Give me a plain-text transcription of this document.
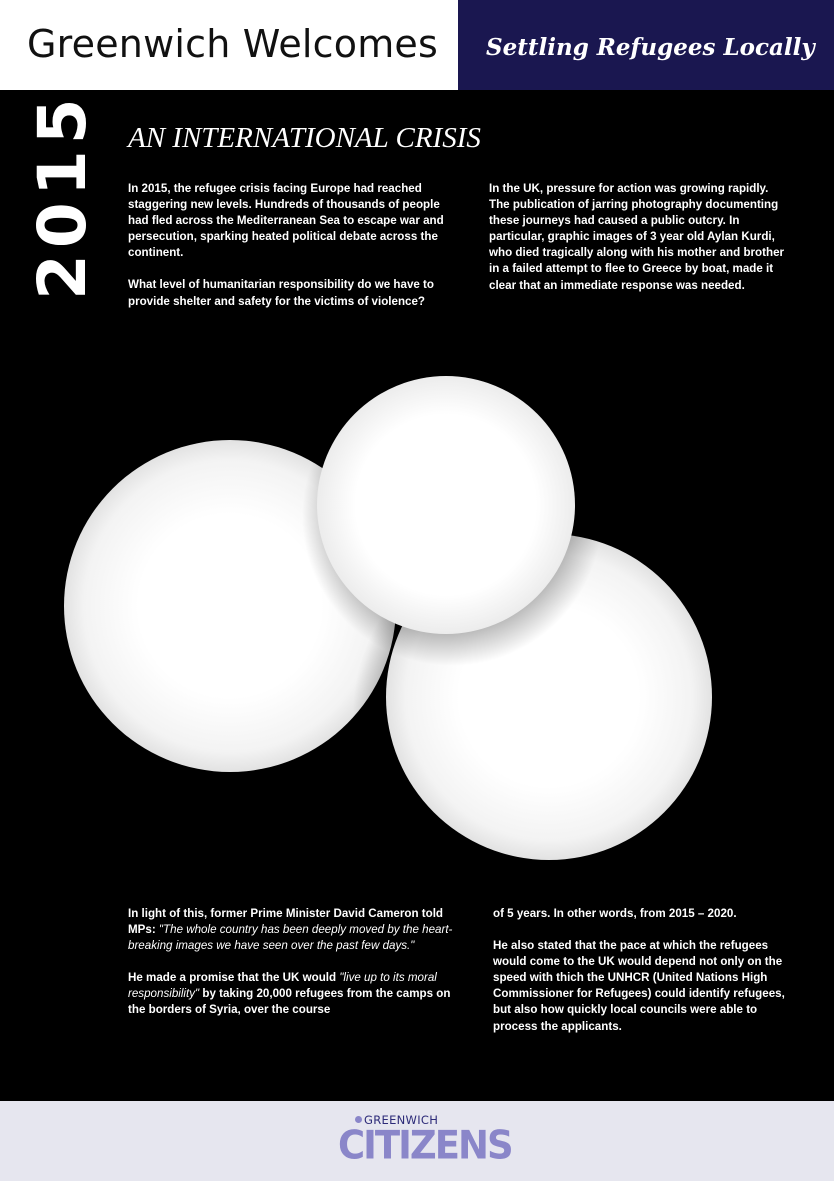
Greenwich Welcomes Settling Refugees Locally
2015 AN INTERNATIONAL CRISIS

In 2015, the refugee crisis facing Europe had reached staggering new levels. Hundreds of thousands of people had fled across the Mediterranean Sea to escape war and persecution, sparking heated political debate across the continent.

What level of humanitarian responsibility do we have to provide shelter and safety for the victims of violence?

In the UK, pressure for action was growing rapidly. The publication of jarring photography documenting these journeys had caused a public outcry. In particular, graphic images of 3 year old Aylan Kurdi, who died tragically along with his mother and brother in a failed attempt to flee to Greece by boat, made it clear that an immediate response was needed.

In light of this, former Prime Minister David Cameron told MPs: "The whole country has been deeply moved by the heart-breaking images we have seen over the past few days."

He made a promise that the UK would "live up to its moral responsibility" by taking 20,000 refugees from the camps on the borders of Syria, over the course

of 5 years. In other words, from 2015 – 2020.

He also stated that the pace at which the refugees would come to the UK would depend not only on the speed with thich the UNHCR (United Nations High Commissioner for Refugees) could identify refugees, but also how quickly local councils were able to process the applicants.

GREENWICH
CITIZENS
